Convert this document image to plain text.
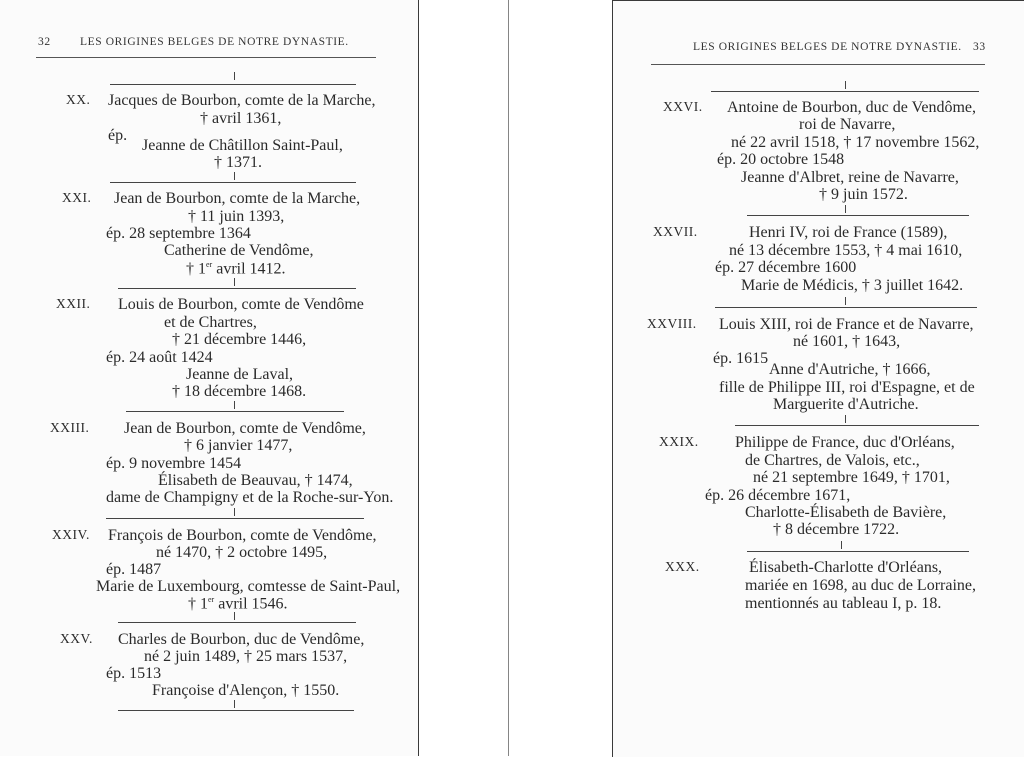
32	LES ORIGINES BELGES DE NOTRE DYNASTIE.
XX. Jacques de Bourbon, comte de la Marche,
† avril 1361,
ép.
Jeanne de Châtillon Saint-Paul,
† 1371.
XXI. Jean de Bourbon, comte de la Marche,
† 11 juin 1393,
ép. 28 septembre 1364
Catherine de Vendôme,
† 1er avril 1412.
XXII. Louis de Bourbon, comte de Vendôme
et de Chartres,
† 21 décembre 1446,
ép. 24 août 1424
Jeanne de Laval,
† 18 décembre 1468.
XXIII. Jean de Bourbon, comte de Vendôme,
† 6 janvier 1477,
ép. 9 novembre 1454
Élisabeth de Beauvau, † 1474,
dame de Champigny et de la Roche-sur-Yon.
XXIV. François de Bourbon, comte de Vendôme,
né 1470, † 2 octobre 1495,
ép. 1487
Marie de Luxembourg, comtesse de Saint-Paul,
† 1er avril 1546.
XXV. Charles de Bourbon, duc de Vendôme,
né 2 juin 1489, † 25 mars 1537,
ép. 1513
Françoise d'Alençon, † 1550.
LES ORIGINES BELGES DE NOTRE DYNASTIE. 33
XXVI. Antoine de Bourbon, duc de Vendôme,
roi de Navarre,
né 22 avril 1518, † 17 novembre 1562,
ép. 20 octobre 1548
Jeanne d'Albret, reine de Navarre,
† 9 juin 1572.
XXVII.	Henri IV, roi de France (1589),
né 13 décembre 1553, † 4 mai 1610,
ép. 27 décembre 1600
Marie de Médicis, † 3 juillet 1642.
XXVIII. Louis XIII, roi de France et de Navarre,
né 1601, † 1643,
ép. 1615
Anne d'Autriche, † 1666,
fille de Philippe III, roi d'Espagne, et de
Marguerite d'Autriche.
XXIX. Philippe de France, duc d'Orléans,
de Chartres, de Valois, etc.,
né 21 septembre 1649, † 1701,
ép. 26 décembre 1671,
Charlotte-Élisabeth de Bavière,
† 8 décembre 1722.
XXX.	Élisabeth-Charlotte d'Orléans,
mariée en 1698, au duc de Lorraine,
mentionnés au tableau I, p. 18.
